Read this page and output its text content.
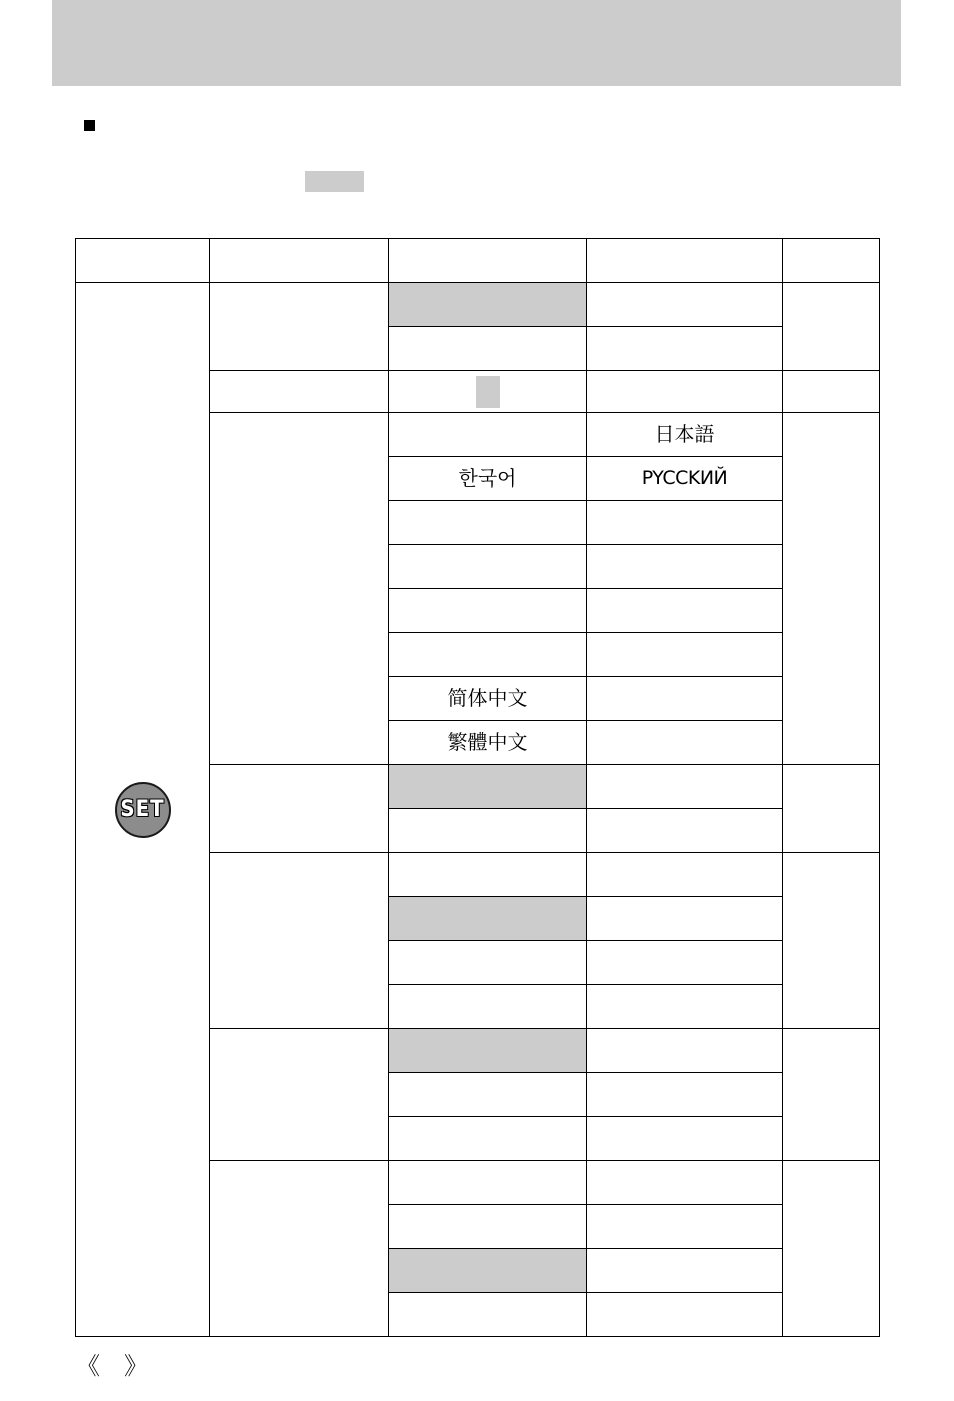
SET				

			日本語	
		한국어	PYCCKИЙ	

		简体中文		
		繁體中文		

《 》
